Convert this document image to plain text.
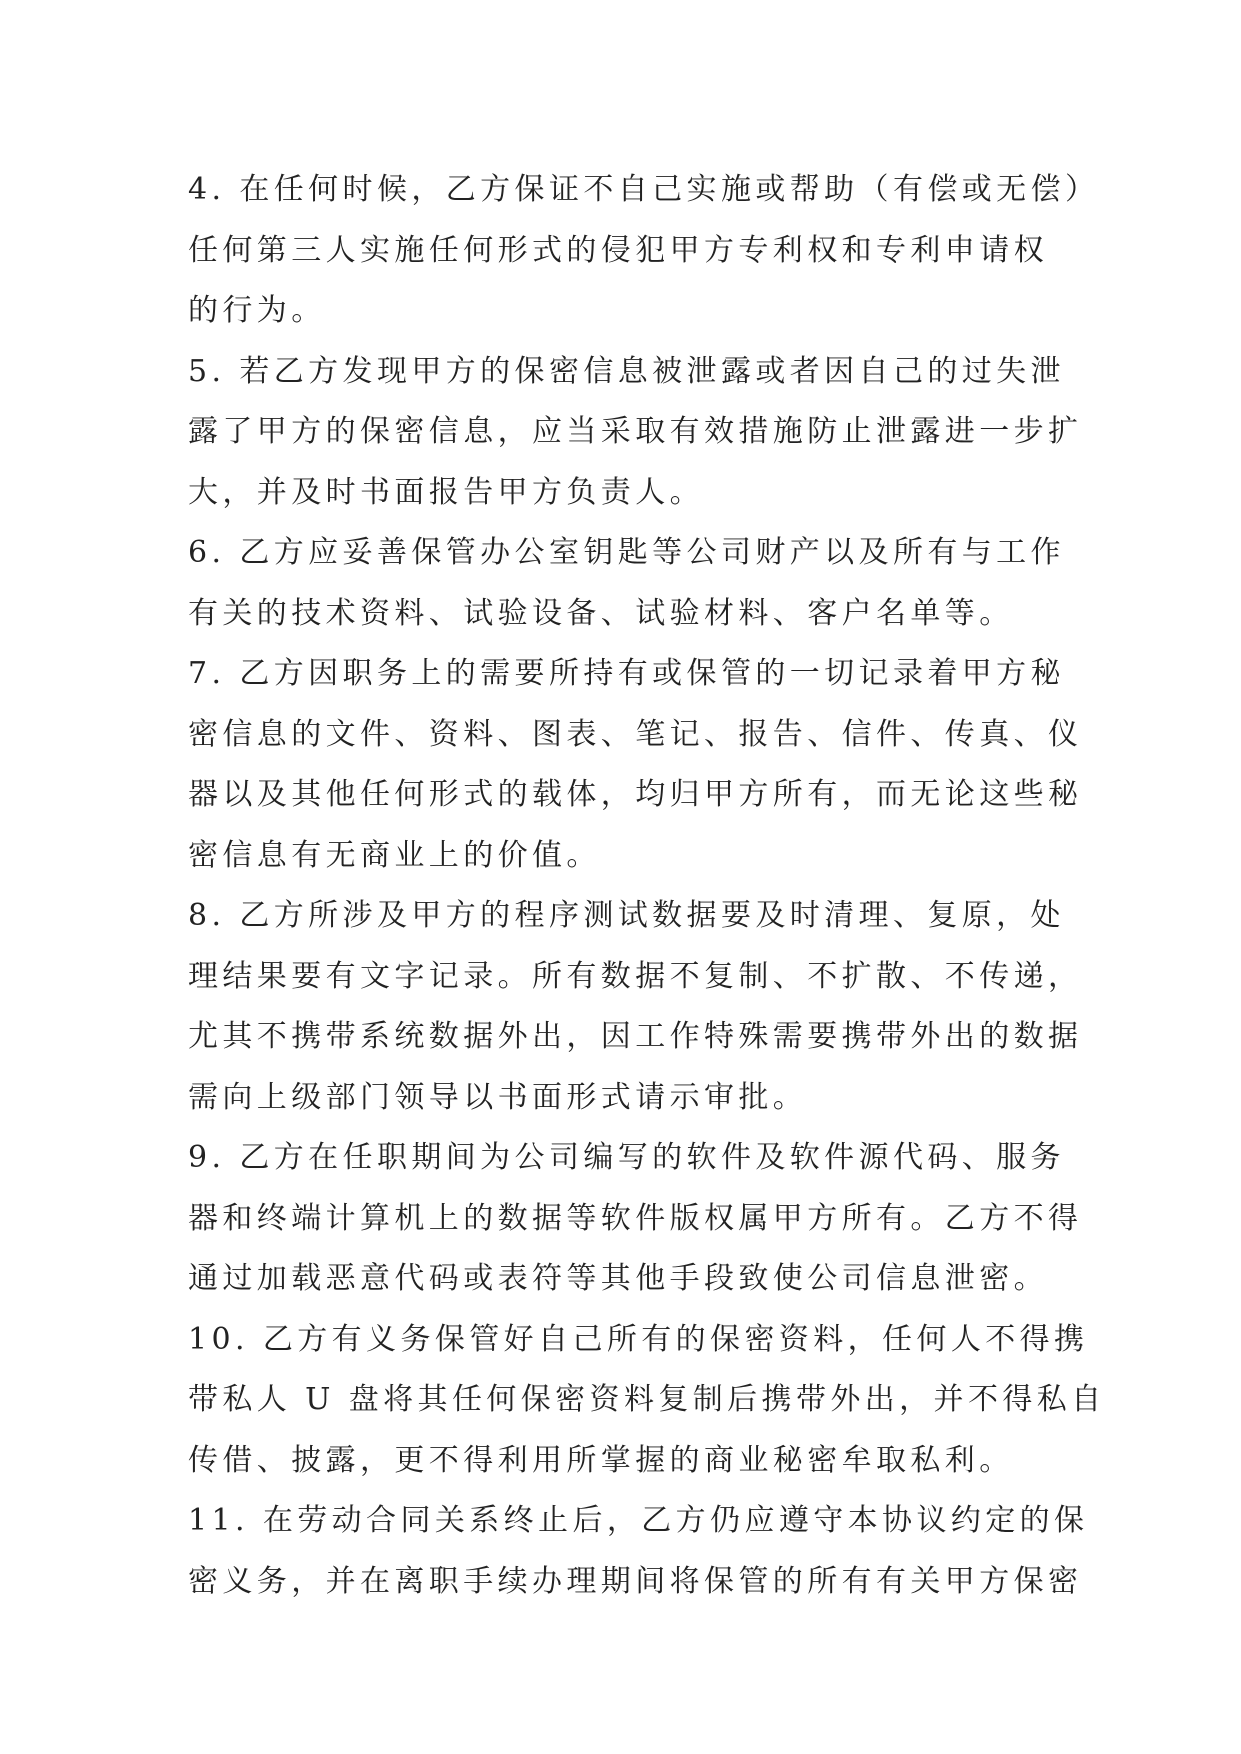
4. 在任何时候，乙方保证不自己实施或帮助（有偿或无偿）
任何第三人实施任何形式的侵犯甲方专利权和专利申请权
的行为。
5. 若乙方发现甲方的保密信息被泄露或者因自己的过失泄
露了甲方的保密信息，应当采取有效措施防止泄露进一步扩
大，并及时书面报告甲方负责人。
6. 乙方应妥善保管办公室钥匙等公司财产以及所有与工作
有关的技术资料、试验设备、试验材料、客户名单等。
7. 乙方因职务上的需要所持有或保管的一切记录着甲方秘
密信息的文件、资料、图表、笔记、报告、信件、传真、仪
器以及其他任何形式的载体，均归甲方所有，而无论这些秘
密信息有无商业上的价值。
8. 乙方所涉及甲方的程序测试数据要及时清理、复原，处
理结果要有文字记录。所有数据不复制、不扩散、不传递，
尤其不携带系统数据外出，因工作特殊需要携带外出的数据
需向上级部门领导以书面形式请示审批。
9. 乙方在任职期间为公司编写的软件及软件源代码、服务
器和终端计算机上的数据等软件版权属甲方所有。乙方不得
通过加载恶意代码或表符等其他手段致使公司信息泄密。
10. 乙方有义务保管好自己所有的保密资料，任何人不得携
带私人 U 盘将其任何保密资料复制后携带外出，并不得私自
传借、披露，更不得利用所掌握的商业秘密牟取私利。
11. 在劳动合同关系终止后，乙方仍应遵守本协议约定的保
密义务，并在离职手续办理期间将保管的所有有关甲方保密
